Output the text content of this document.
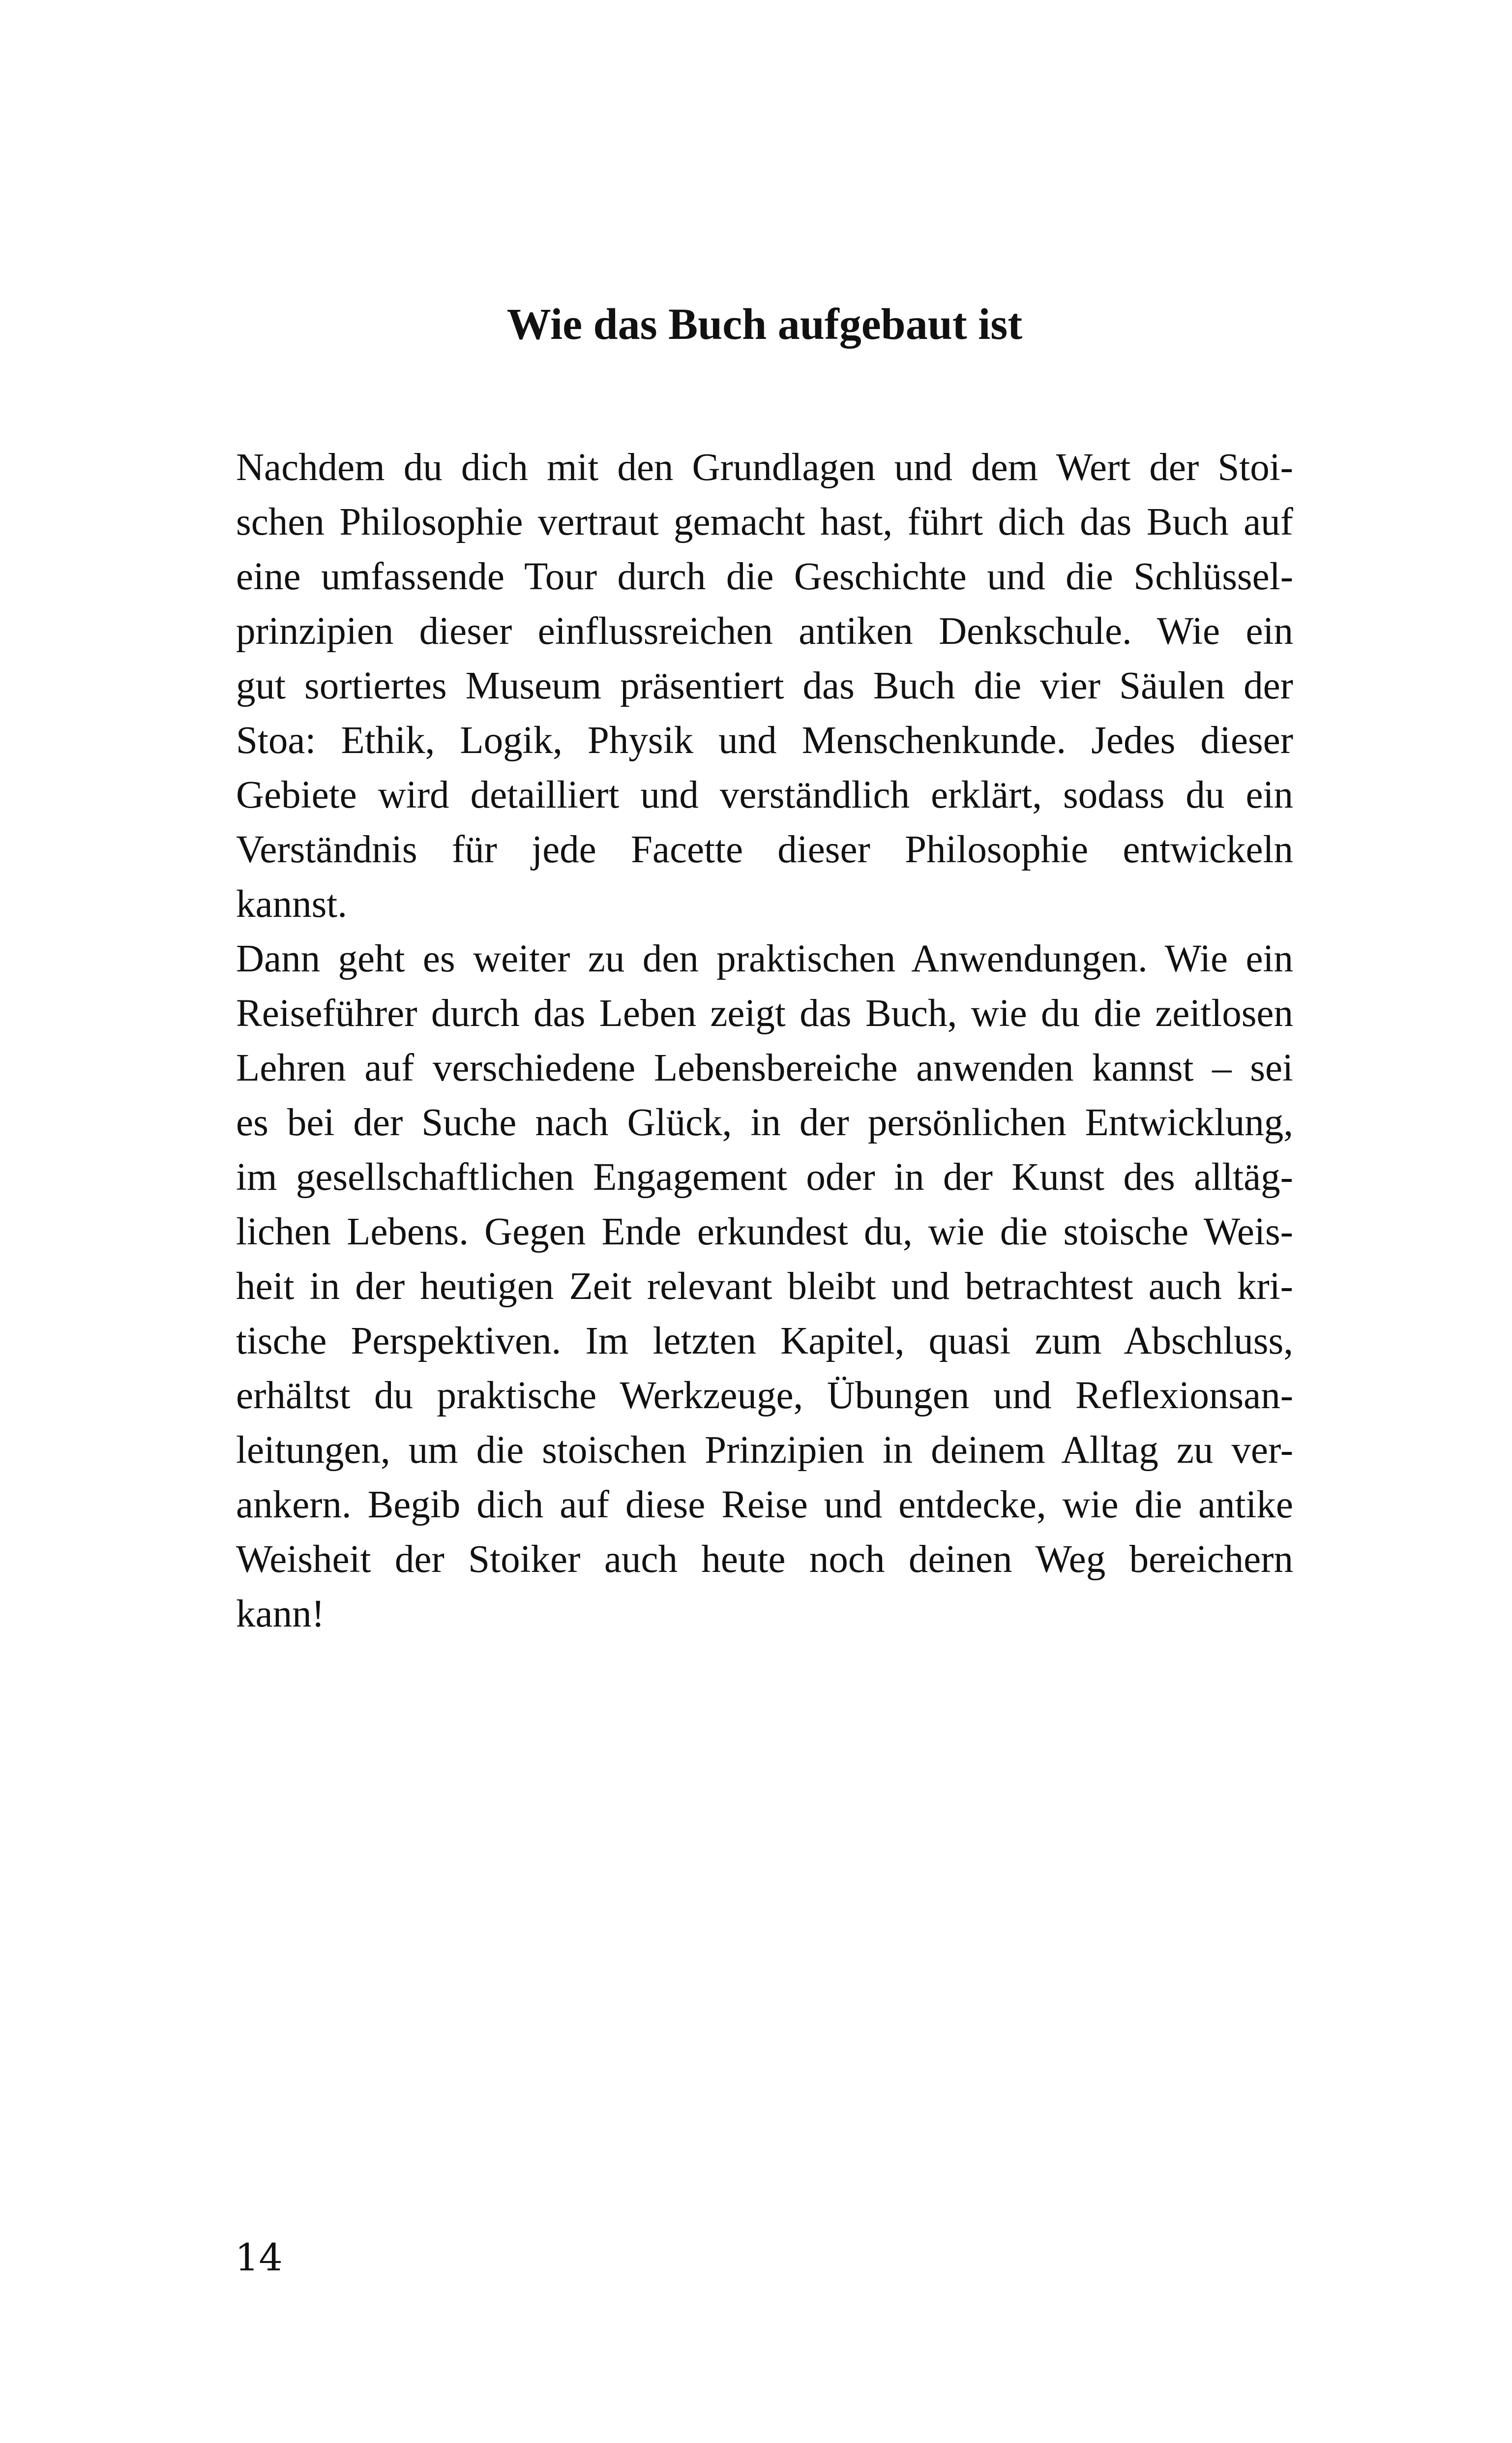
Wie das Buch aufgebaut ist
Nachdem du dich mit den Grundlagen und dem Wert der Stoi-
schen Philosophie vertraut gemacht hast, führt dich das Buch auf
eine umfassende Tour durch die Geschichte und die Schlüssel-
prinzipien dieser einflussreichen antiken Denkschule. Wie ein
gut sortiertes Museum präsentiert das Buch die vier Säulen der
Stoa: Ethik, Logik, Physik und Menschenkunde. Jedes dieser
Gebiete wird detailliert und verständlich erklärt, sodass du ein
Verständnis für jede Facette dieser Philosophie entwickeln
kannst.
Dann geht es weiter zu den praktischen Anwendungen. Wie ein
Reiseführer durch das Leben zeigt das Buch, wie du die zeitlosen
Lehren auf verschiedene Lebensbereiche anwenden kannst – sei
es bei der Suche nach Glück, in der persönlichen Entwicklung,
im gesellschaftlichen Engagement oder in der Kunst des alltäg-
lichen Lebens. Gegen Ende erkundest du, wie die stoische Weis-
heit in der heutigen Zeit relevant bleibt und betrachtest auch kri-
tische Perspektiven. Im letzten Kapitel, quasi zum Abschluss,
erhältst du praktische Werkzeuge, Übungen und Reflexionsan-
leitungen, um die stoischen Prinzipien in deinem Alltag zu ver-
ankern. Begib dich auf diese Reise und entdecke, wie die antike
Weisheit der Stoiker auch heute noch deinen Weg bereichern
kann!
14
